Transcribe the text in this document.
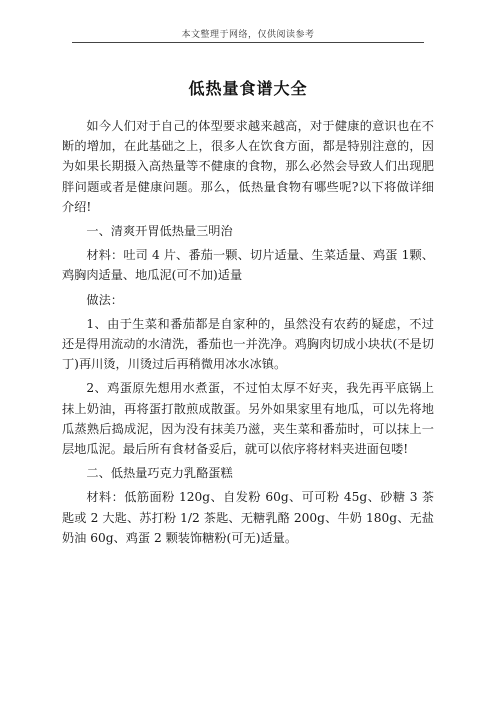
本文整理于网络，仅供阅读参考
低热量食谱大全

如今人们对于自己的体型要求越来越高，对于健康的意识也在不断的增加，在此基础之上，很多人在饮食方面，都是特别注意的，因为如果长期摄入高热量等不健康的食物，那么必然会导致人们出现肥胖问题或者是健康问题。那么，低热量食物有哪些呢?以下将做详细介绍!

一、清爽开胃低热量三明治

材料：吐司 4 片、番茄一颗、切片适量、生菜适量、鸡蛋 1颗、鸡胸肉适量、地瓜泥(可不加)适量

做法：

1、由于生菜和番茄都是自家种的，虽然没有农药的疑虑，不过还是得用流动的水清洗，番茄也一并洗净。鸡胸肉切成小块状(不是切丁)再川烫，川烫过后再稍微用冰水冰镇。

2、鸡蛋原先想用水煮蛋，不过怕太厚不好夹，我先再平底锅上抹上奶油，再将蛋打散煎成散蛋。另外如果家里有地瓜，可以先将地瓜蒸熟后捣成泥，因为没有抹美乃滋，夹生菜和番茄时，可以抹上一层地瓜泥。最后所有食材备妥后，就可以依序将材料夹进面包喽!

二、低热量巧克力乳酪蛋糕

材料：低筋面粉 120g、自发粉 60g、可可粉 45g、砂糖 3 茶匙或 2 大匙、苏打粉 1/2 茶匙、无糖乳酪 200g、牛奶 180g、无盐奶油 60g、鸡蛋 2 颗装饰糖粉(可无)适量。
